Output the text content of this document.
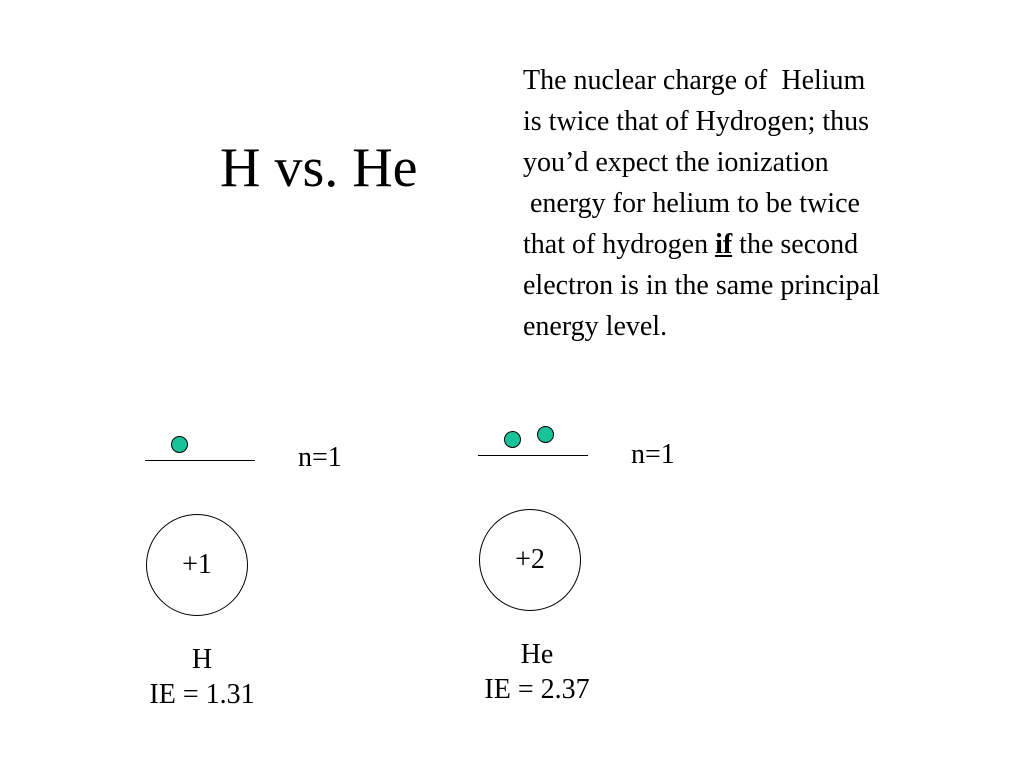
H vs. He
The nuclear charge of  Helium
is twice that of Hydrogen; thus
you’d expect the ionization
energy for helium to be twice
that of hydrogen if the second
electron is in the same principal
energy level.
n=1
+1
H
IE = 1.31
n=1
+2
He
IE = 2.37
